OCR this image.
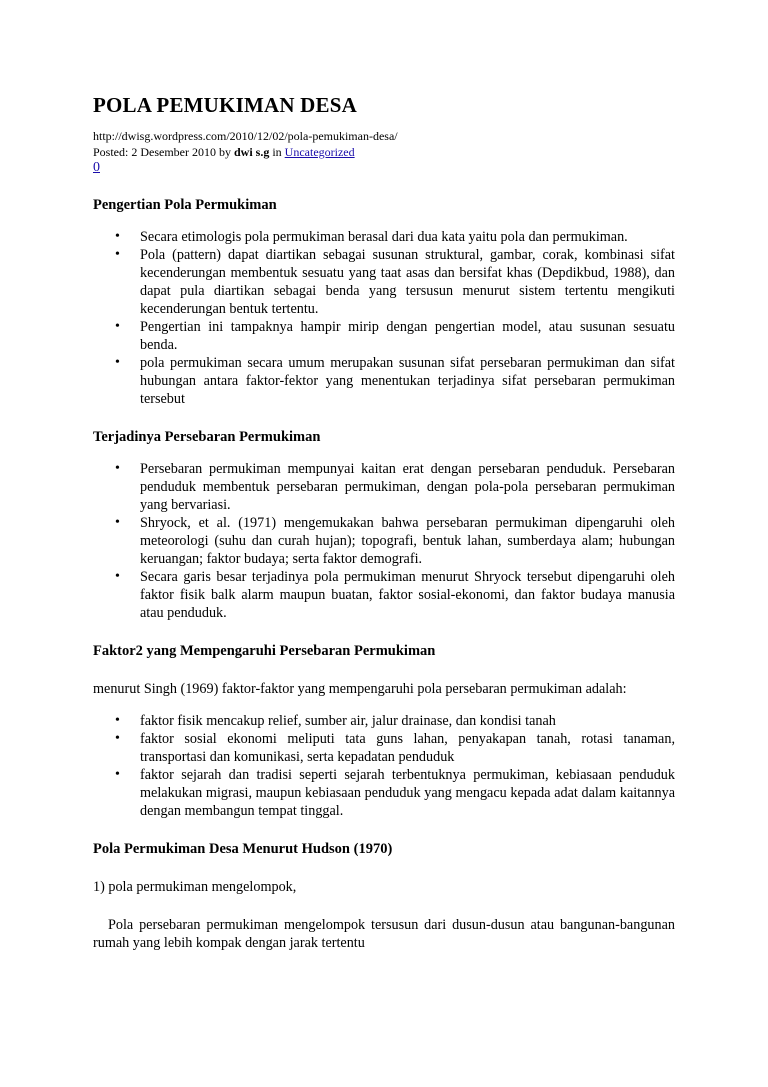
POLA PEMUKIMAN DESA
http://dwisg.wordpress.com/2010/12/02/pola-pemukiman-desa/
Posted: 2 Desember 2010 by dwi s.g in Uncategorized
0
Pengertian Pola Permukiman
• Secara etimologis pola permukiman berasal dari dua kata yaitu pola dan permukiman.
• Pola (pattern) dapat diartikan sebagai susunan struktural, gambar, corak, kombinasi sifat kecenderungan membentuk sesuatu yang taat asas dan bersifat khas (Depdikbud, 1988), dan dapat pula diartikan sebagai benda yang tersusun menurut sistem tertentu mengikuti kecenderungan bentuk tertentu.
• Pengertian ini tampaknya hampir mirip dengan pengertian model, atau susunan sesuatu benda.
• pola permukiman secara umum merupakan susunan sifat persebaran permukiman dan sifat hubungan antara faktor-fektor yang menentukan terjadinya sifat persebaran permukiman tersebut
Terjadinya Persebaran Permukiman
• Persebaran permukiman mempunyai kaitan erat dengan persebaran penduduk. Persebaran penduduk membentuk persebaran permukiman, dengan pola-pola persebaran permukiman yang bervariasi.
• Shryock, et al. (1971) mengemukakan bahwa persebaran permukiman dipengaruhi oleh meteorologi (suhu dan curah hujan); topografi, bentuk lahan, sumberdaya alam; hubungan keruangan; faktor budaya; serta faktor demografi.
• Secara garis besar terjadinya pola permukiman menurut Shryock tersebut dipengaruhi oleh faktor fisik balk alarm maupun buatan, faktor sosial-ekonomi, dan faktor budaya manusia atau penduduk.
Faktor2 yang Mempengaruhi Persebaran Permukiman

menurut Singh (1969) faktor-faktor yang mempengaruhi pola persebaran permukiman adalah:

• faktor fisik mencakup relief, sumber air, jalur drainase, dan kondisi tanah
• faktor sosial ekonomi meliputi tata guns lahan, penyakapan tanah, rotasi tanaman, transportasi dan komunikasi, serta kepadatan penduduk
• faktor sejarah dan tradisi seperti sejarah terbentuknya permukiman, kebiasaan penduduk melakukan migrasi, maupun kebiasaan penduduk yang mengacu kepada adat dalam kaitannya dengan membangun tempat tinggal.
Pola Permukiman Desa Menurut Hudson (1970)

1) pola permukiman mengelompok,

Pola persebaran permukiman mengelompok tersusun dari dusun-dusun atau bangunan-bangunan rumah yang lebih kompak dengan jarak tertentu
